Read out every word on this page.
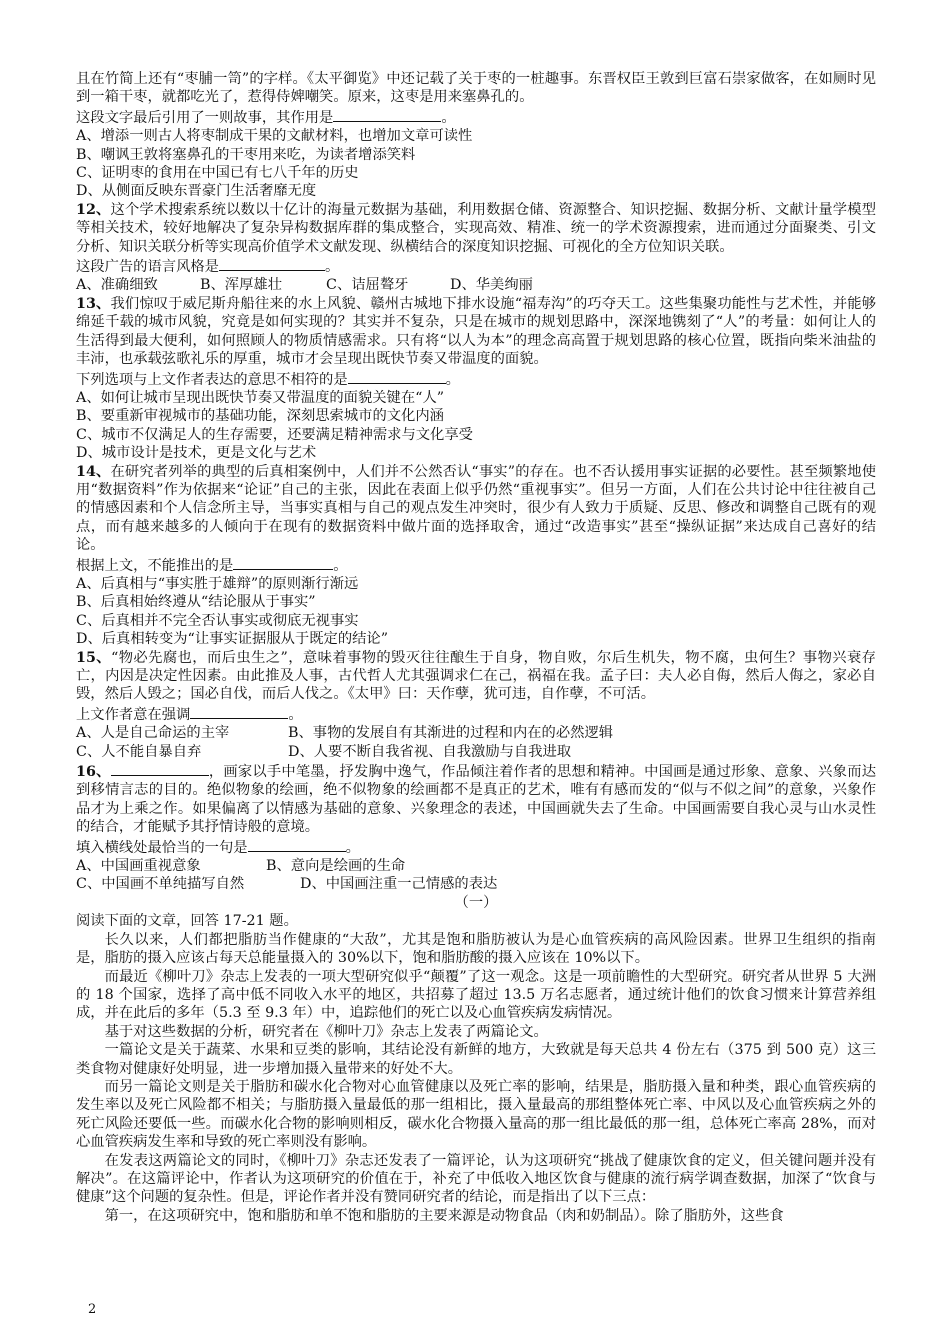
且在竹简上还有“枣脯一笥”的字样。《太平御览》中还记载了关于枣的一桩趣事。东晋权臣王敦到巨富石崇家做客，在如厕时见到一箱干枣，就都吃光了，惹得侍婢嘲笑。原来，这枣是用来塞鼻孔的。

这段文字最后引用了一则故事，其作用是	。

A、增添一则古人将枣制成干果的文献材料，也增加文章可读性

B、嘲讽王敦将塞鼻孔的干枣用来吃，为读者增添笑料

C、证明枣的食用在中国已有七八千年的历史

D、从侧面反映东晋豪门生活奢靡无度

12、这个学术搜索系统以数以十亿计的海量元数据为基础，利用数据仓储、资源整合、知识挖掘、数据分析、文献计量学模型等相关技术，较好地解决了复杂异构数据库群的集成整合，实现高效、精准、统一的学术资源搜索，进而通过分面聚类、引文分析、知识关联分析等实现高价值学术文献发现、纵横结合的深度知识挖掘、可视化的全方位知识关联。

这段广告的语言风格是	。

A、准确细致	B、浑厚雄壮	C、诘屈聱牙	D、华美绚丽

13、我们惊叹于威尼斯舟船往来的水上风貌、赣州古城地下排水设施“福寿沟”的巧夺天工。这些集聚功能性与艺术性，并能够绵延千载的城市风貌，究竟是如何实现的？其实并不复杂，只是在城市的规划思路中，深深地镌刻了“人”的考量：如何让人的生活得到最大便利，如何照顾人的物质情感需求。只有将“以人为本”的理念高高置于规划思路的核心位置，既指向柴米油盐的丰沛，也承载弦歌礼乐的厚重，城市才会呈现出既快节奏又带温度的面貌。

下列选项与上文作者表达的意思不相符的是	。

A、如何让城市呈现出既快节奏又带温度的面貌关键在“人”

B、要重新审视城市的基础功能，深刻思索城市的文化内涵

C、城市不仅满足人的生存需要，还要满足精神需求与文化享受

D、城市设计是技术，更是文化与艺术

14、在研究者列举的典型的后真相案例中，人们并不公然否认“事实”的存在。也不否认援用事实证据的必要性。甚至频繁地使用“数据资料”作为依据来“论证”自己的主张，因此在表面上似乎仍然“重视事实”。但另一方面，人们在公共讨论中往往被自己的情感因素和个人信念所主导，当事实真相与自己的观点发生冲突时，很少有人致力于质疑、反思、修改和调整自己既有的观点，而有越来越多的人倾向于在现有的数据资料中做片面的选择取舍，通过“改造事实”甚至“操纵证据”来达成自己喜好的结论。

根据上文，不能推出的是	。

A、后真相与“事实胜于雄辩”的原则渐行渐远

B、后真相始终遵从“结论服从于事实”

C、后真相并不完全否认事实或彻底无视事实

D、后真相转变为“让事实证据服从于既定的结论”

15、“物必先腐也，而后虫生之”，意味着事物的毁灭往往酿生于自身，物自败，尔后生机失，物不腐，虫何生？事物兴衰存亡，内因是决定性因素。由此推及人事，古代哲人尤其强调求仁在己，祸福在我。孟子曰：夫人必自侮，然后人侮之，家必自毁，然后人毁之；国必自伐，而后人伐之。《太甲》曰：天作孽，犹可违，自作孽，不可活。

上文作者意在强调	。

A、人是自己命运的主宰	B、事物的发展自有其渐进的过程和内在的必然逻辑
C、人不能自暴自弃	D、人要不断自我省视、自我激励与自我进取

16、	，画家以手中笔墨，抒发胸中逸气，作品倾注着作者的思想和精神。中国画是通过形象、意象、兴象而达到移情言志的目的。绝似物象的绘画，绝不似物象的绘画都不是真正的艺术，唯有有感而发的“似与不似之间”的意象，兴象作品才为上乘之作。如果偏离了以情感为基础的意象、兴象理念的表述，中国画就失去了生命。中国画需要自我心灵与山水灵性的结合，才能赋予其抒情诗般的意境。

填入横线处最恰当的一句是	。

A、中国画重视意象	B、意向是绘画的生命
C、中国画不单纯描写自然	D、中国画注重一己情感的表达
（一）

阅读下面的文章，回答 17-21 题。

长久以来，人们都把脂肪当作健康的“大敌”，尤其是饱和脂肪被认为是心血管疾病的高风险因素。世界卫生组织的指南是，脂肪的摄入应该占每天总能量摄入的 30%以下，饱和脂肪酸的摄入应该在 10%以下。

而最近《柳叶刀》杂志上发表的一项大型研究似乎“颠覆”了这一观念。这是一项前瞻性的大型研究。研究者从世界 5 大洲的 18 个国家，选择了高中低不同收入水平的地区，共招募了超过 13.5 万名志愿者，通过统计他们的饮食习惯来计算营养组成，并在此后的多年（5.3 至 9.3 年）中，追踪他们的死亡以及心血管疾病发病情况。

基于对这些数据的分析，研究者在《柳叶刀》杂志上发表了两篇论文。

一篇论文是关于蔬菜、水果和豆类的影响，其结论没有新鲜的地方，大致就是每天总共 4 份左右（375 到 500 克）这三类食物对健康好处明显，进一步增加摄入量带来的好处不大。

而另一篇论文则是关于脂肪和碳水化合物对心血管健康以及死亡率的影响，结果是，脂肪摄入量和种类，跟心血管疾病的发生率以及死亡风险都不相关；与脂肪摄入量最低的那一组相比，摄入量最高的那组整体死亡率、中风以及心血管疾病之外的死亡风险还要低一些。而碳水化合物的影响则相反，碳水化合物摄入量高的那一组比最低的那一组，总体死亡率高 28%，而对心血管疾病发生率和导致的死亡率则没有影响。

在发表这两篇论文的同时，《柳叶刀》杂志还发表了一篇评论，认为这项研究“挑战了健康饮食的定义，但关键问题并没有解决”。在这篇评论中，作者认为这项研究的价值在于，补充了中低收入地区饮食与健康的流行病学调查数据，加深了“饮食与健康”这个问题的复杂性。但是，评论作者并没有赞同研究者的结论，而是指出了以下三点：

第一，在这项研究中，饱和脂肪和单不饱和脂肪的主要来源是动物食品（肉和奶制品）。除了脂肪外，这些食

2
